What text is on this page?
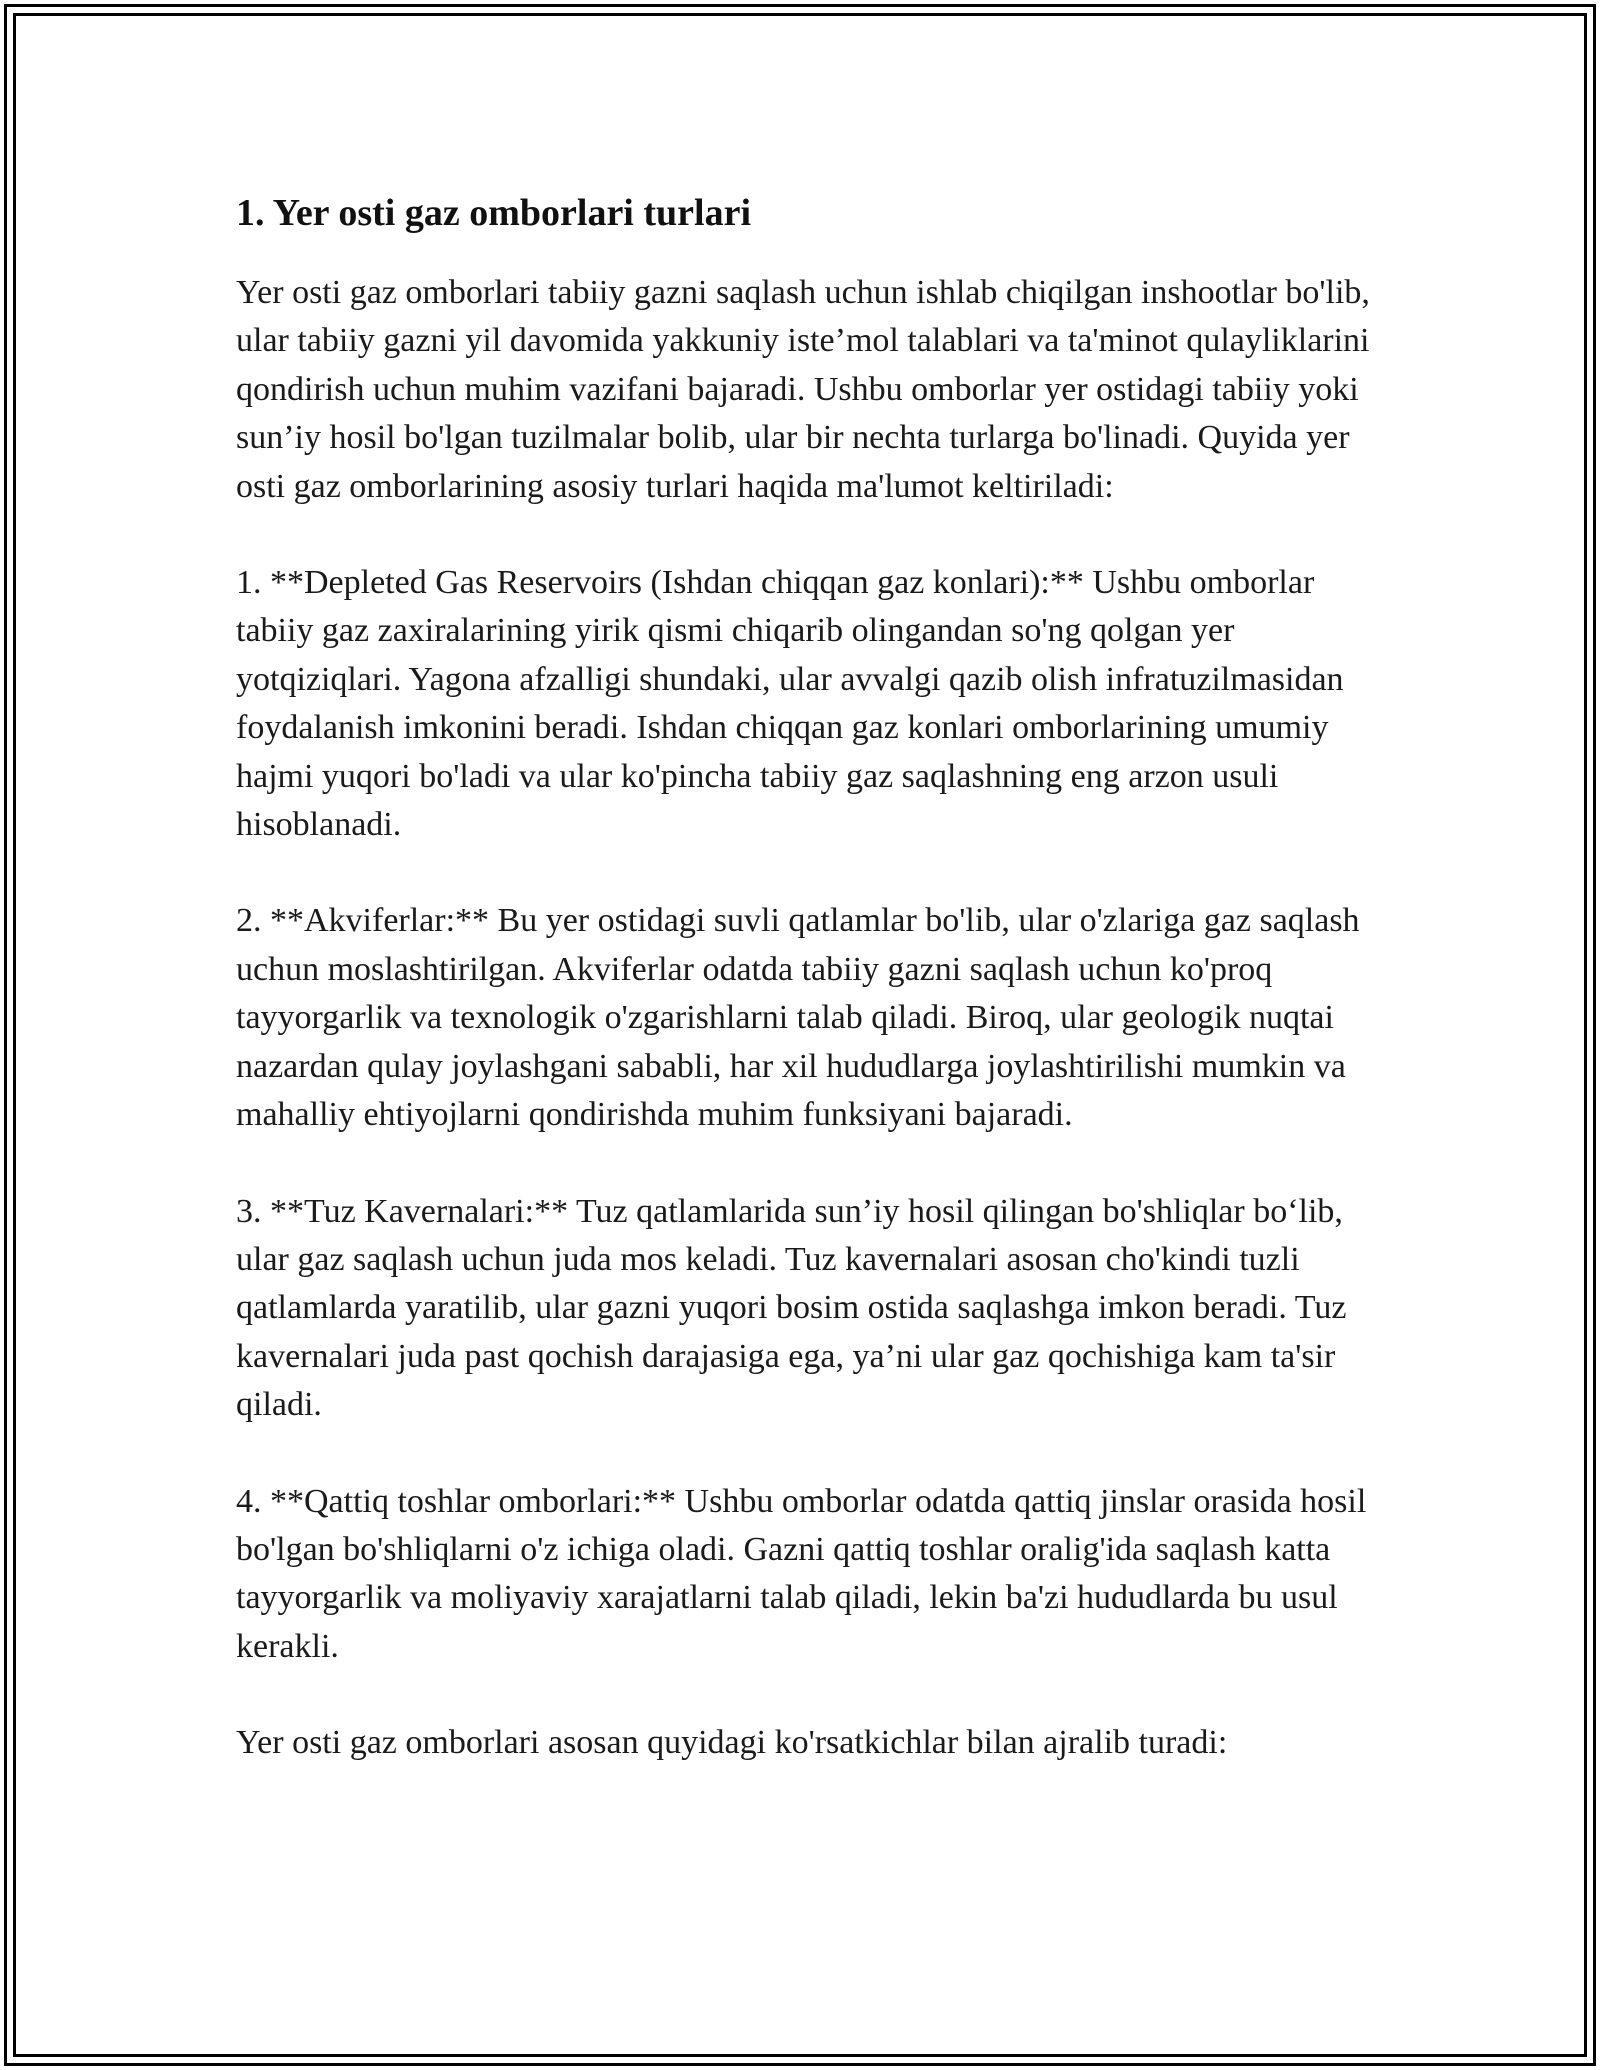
1. Yer osti gaz omborlari turlari

Yer osti gaz omborlari tabiiy gazni saqlash uchun ishlab chiqilgan inshootlar bo'lib, ular tabiiy gazni yil davomida yakkuniy iste’mol talablari va ta'minot qulayliklarini qondirish uchun muhim vazifani bajaradi. Ushbu omborlar yer ostidagi tabiiy yoki sun’iy hosil bo'lgan tuzilmalar bolib, ular bir nechta turlarga bo'linadi. Quyida yer osti gaz omborlarining asosiy turlari haqida ma'lumot keltiriladi:

1. **Depleted Gas Reservoirs (Ishdan chiqqan gaz konlari):** Ushbu omborlar tabiiy gaz zaxiralarining yirik qismi chiqarib olingandan so'ng qolgan yer yotqiziqlari. Yagona afzalligi shundaki, ular avvalgi qazib olish infratuzilmasidan foydalanish imkonini beradi. Ishdan chiqqan gaz konlari omborlarining umumiy hajmi yuqori bo'ladi va ular ko'pincha tabiiy gaz saqlashning eng arzon usuli hisoblanadi.

2. **Akviferlar:** Bu yer ostidagi suvli qatlamlar bo'lib, ular o'zlariga gaz saqlash uchun moslashtirilgan. Akviferlar odatda tabiiy gazni saqlash uchun ko'proq tayyorgarlik va texnologik o'zgarishlarni talab qiladi. Biroq, ular geologik nuqtai nazardan qulay joylashgani sababli, har xil hududlarga joylashtirilishi mumkin va mahalliy ehtiyojlarni qondirishda muhim funksiyani bajaradi.

3. **Tuz Kavernalari:** Tuz qatlamlarida sun’iy hosil qilingan bo'shliqlar bo‘lib, ular gaz saqlash uchun juda mos keladi. Tuz kavernalari asosan cho'kindi tuzli qatlamlarda yaratilib, ular gazni yuqori bosim ostida saqlashga imkon beradi. Tuz kavernalari juda past qochish darajasiga ega, ya’ni ular gaz qochishiga kam ta'sir qiladi.

4. **Qattiq toshlar omborlari:** Ushbu omborlar odatda qattiq jinslar orasida hosil bo'lgan bo'shliqlarni o'z ichiga oladi. Gazni qattiq toshlar oralig'ida saqlash katta tayyorgarlik va moliyaviy xarajatlarni talab qiladi, lekin ba'zi hududlarda bu usul kerakli.

Yer osti gaz omborlari asosan quyidagi ko'rsatkichlar bilan ajralib turadi:
